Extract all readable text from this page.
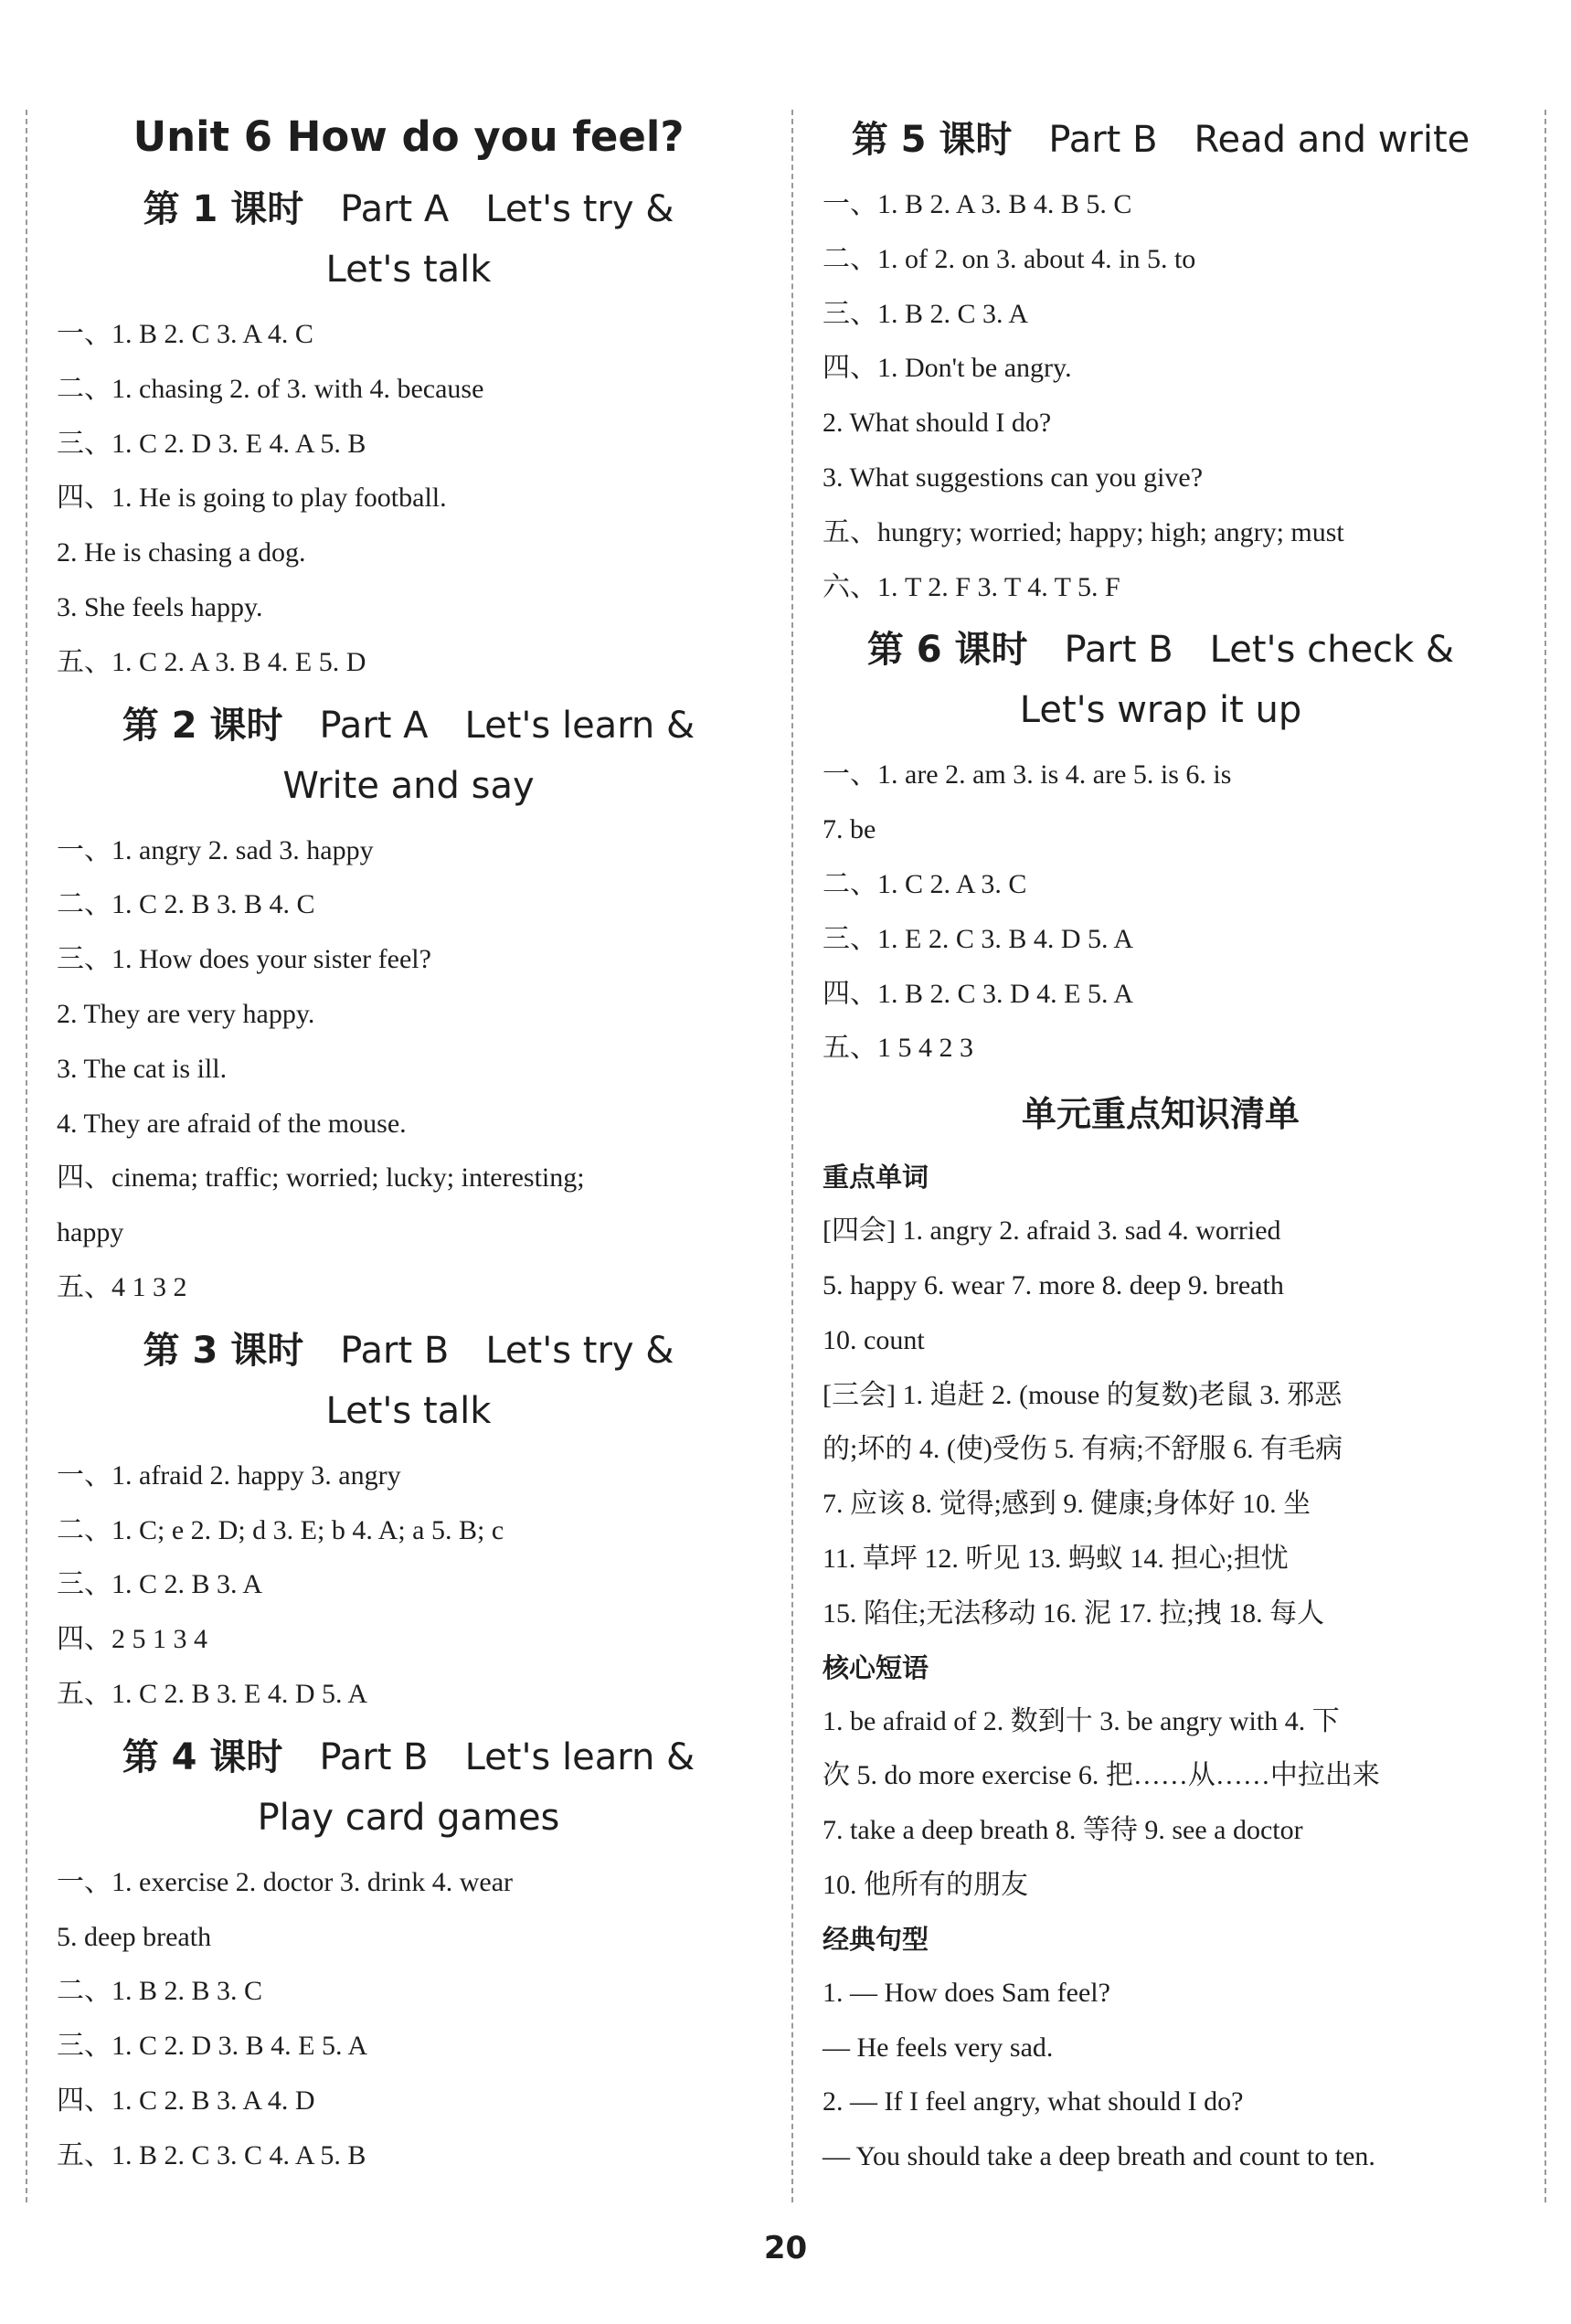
Unit 6 How do you feel?
第 1 课时 Part A Let's try &
Let's talk
一、1. B 2. C 3. A 4. C
二、1. chasing 2. of 3. with 4. because
三、1. C 2. D 3. E 4. A 5. B
四、1. He is going to play football.
2. He is chasing a dog.
3. She feels happy.
五、1. C 2. A 3. B 4. E 5. D
第 2 课时 Part A Let's learn &
Write and say
一、1. angry 2. sad 3. happy
二、1. C 2. B 3. B 4. C
三、1. How does your sister feel?
2. They are very happy.
3. The cat is ill.
4. They are afraid of the mouse.
四、cinema; traffic; worried; lucky; interesting;
happy
五、4 1 3 2
第 3 课时 Part B Let's try &
Let's talk
一、1. afraid 2. happy 3. angry
二、1. C; e 2. D; d 3. E; b 4. A; a 5. B; c
三、1. C 2. B 3. A
四、2 5 1 3 4
五、1. C 2. B 3. E 4. D 5. A
第 4 课时 Part B Let's learn &
Play card games
一、1. exercise 2. doctor 3. drink 4. wear
5. deep breath
二、1. B 2. B 3. C
三、1. C 2. D 3. B 4. E 5. A
四、1. C 2. B 3. A 4. D
五、1. B 2. C 3. C 4. A 5. B
第 5 课时 Part B Read and write
一、1. B 2. A 3. B 4. B 5. C
二、1. of 2. on 3. about 4. in 5. to
三、1. B 2. C 3. A
四、1. Don't be angry.
2. What should I do?
3. What suggestions can you give?
五、hungry; worried; happy; high; angry; must
六、1. T 2. F 3. T 4. T 5. F
第 6 课时 Part B Let's check &
Let's wrap it up
一、1. are 2. am 3. is 4. are 5. is 6. is
7. be
二、1. C 2. A 3. C
三、1. E 2. C 3. B 4. D 5. A
四、1. B 2. C 3. D 4. E 5. A
五、1 5 4 2 3
单元重点知识清单
重点单词
[四会] 1. angry 2. afraid 3. sad 4. worried
5. happy 6. wear 7. more 8. deep 9. breath
10. count
[三会] 1. 追赶 2. (mouse 的复数)老鼠 3. 邪恶
的;坏的 4. (使)受伤 5. 有病;不舒服 6. 有毛病
7. 应该 8. 觉得;感到 9. 健康;身体好 10. 坐
11. 草坪 12. 听见 13. 蚂蚁 14. 担心;担忧
15. 陷住;无法移动 16. 泥 17. 拉;拽 18. 每人
核心短语
1. be afraid of 2. 数到十 3. be angry with 4. 下
次 5. do more exercise 6. 把……从……中拉出来
7. take a deep breath 8. 等待 9. see a doctor
10. 他所有的朋友
经典句型
1. — How does Sam feel?
— He feels very sad.
2. — If I feel angry, what should I do?
— You should take a deep breath and count to ten.
20
